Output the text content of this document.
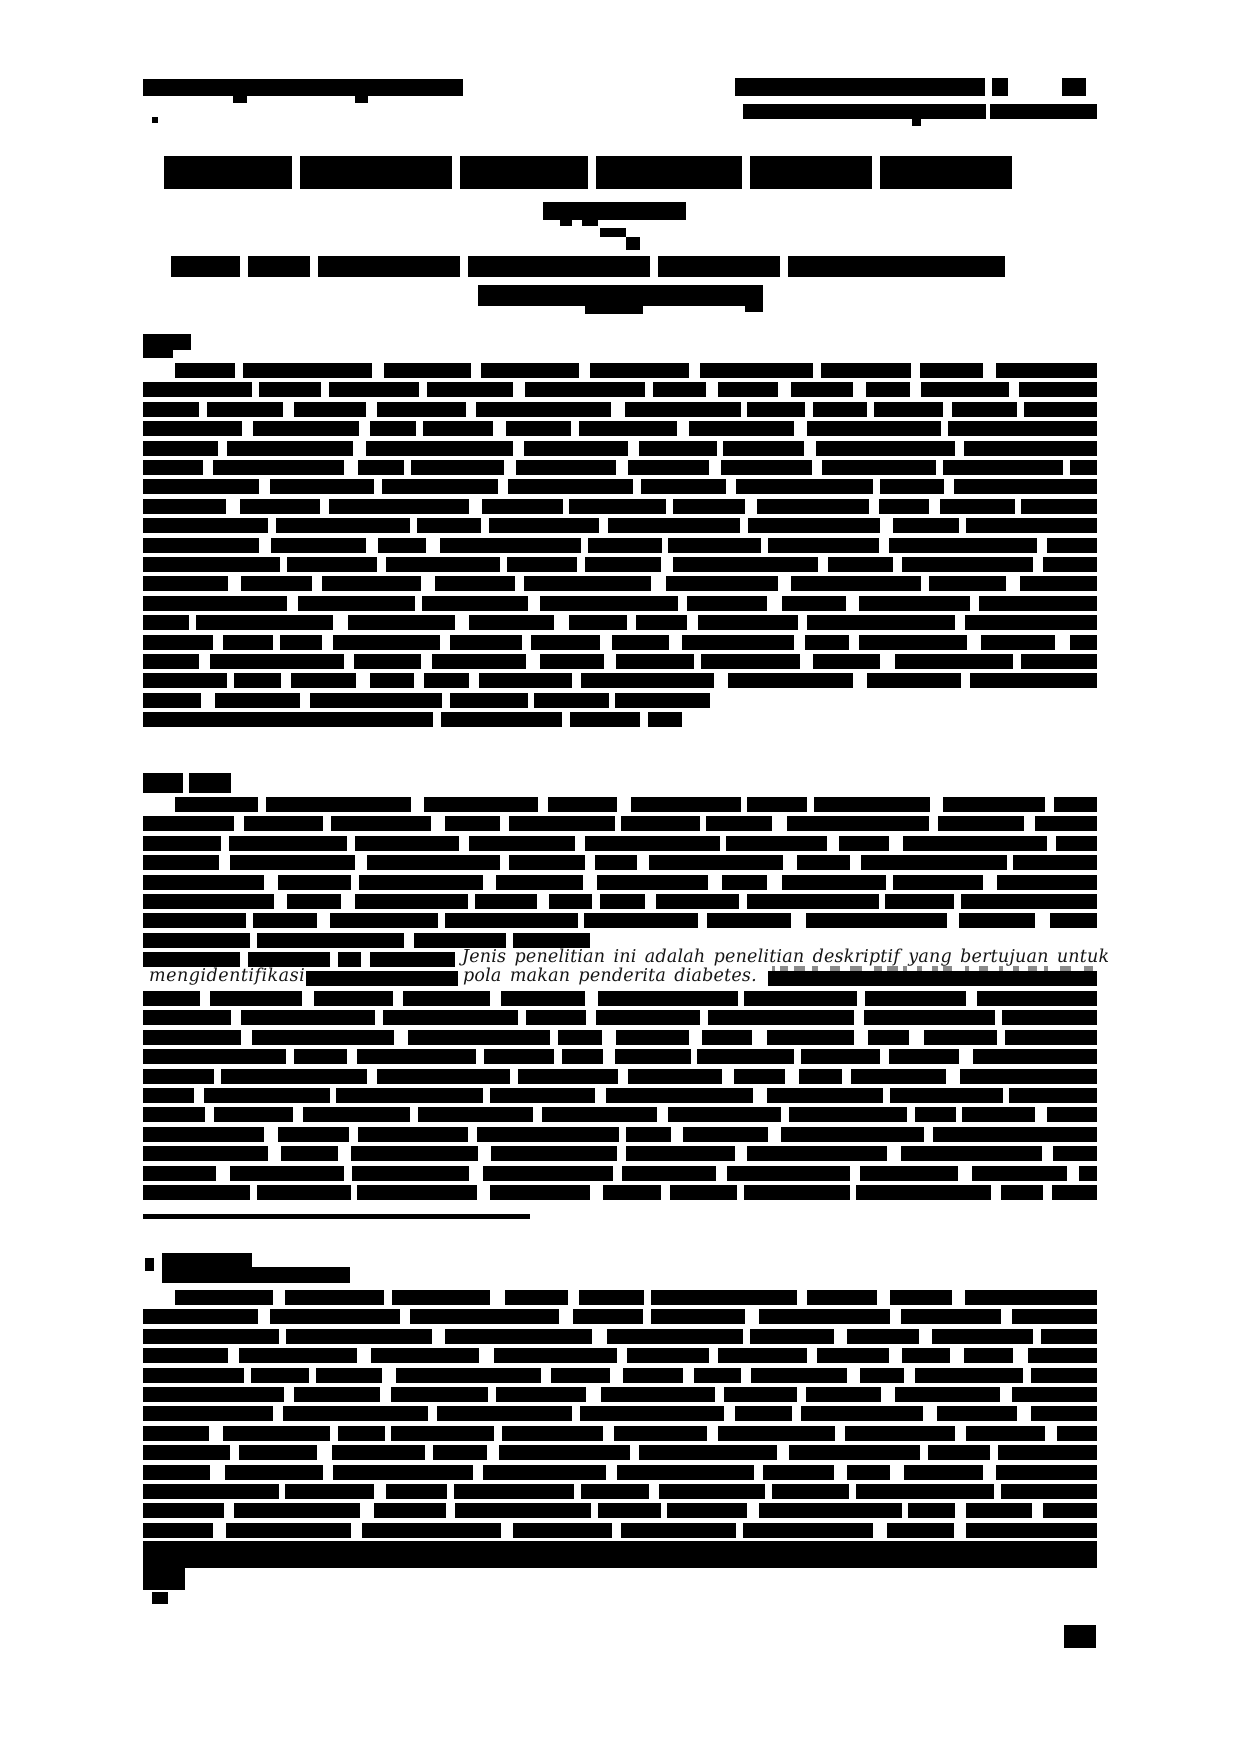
Jenis penelitian ini adalah penelitian deskriptif yang bertujuan untuk
mengidentifikasi	pola makan penderita diabetes.
